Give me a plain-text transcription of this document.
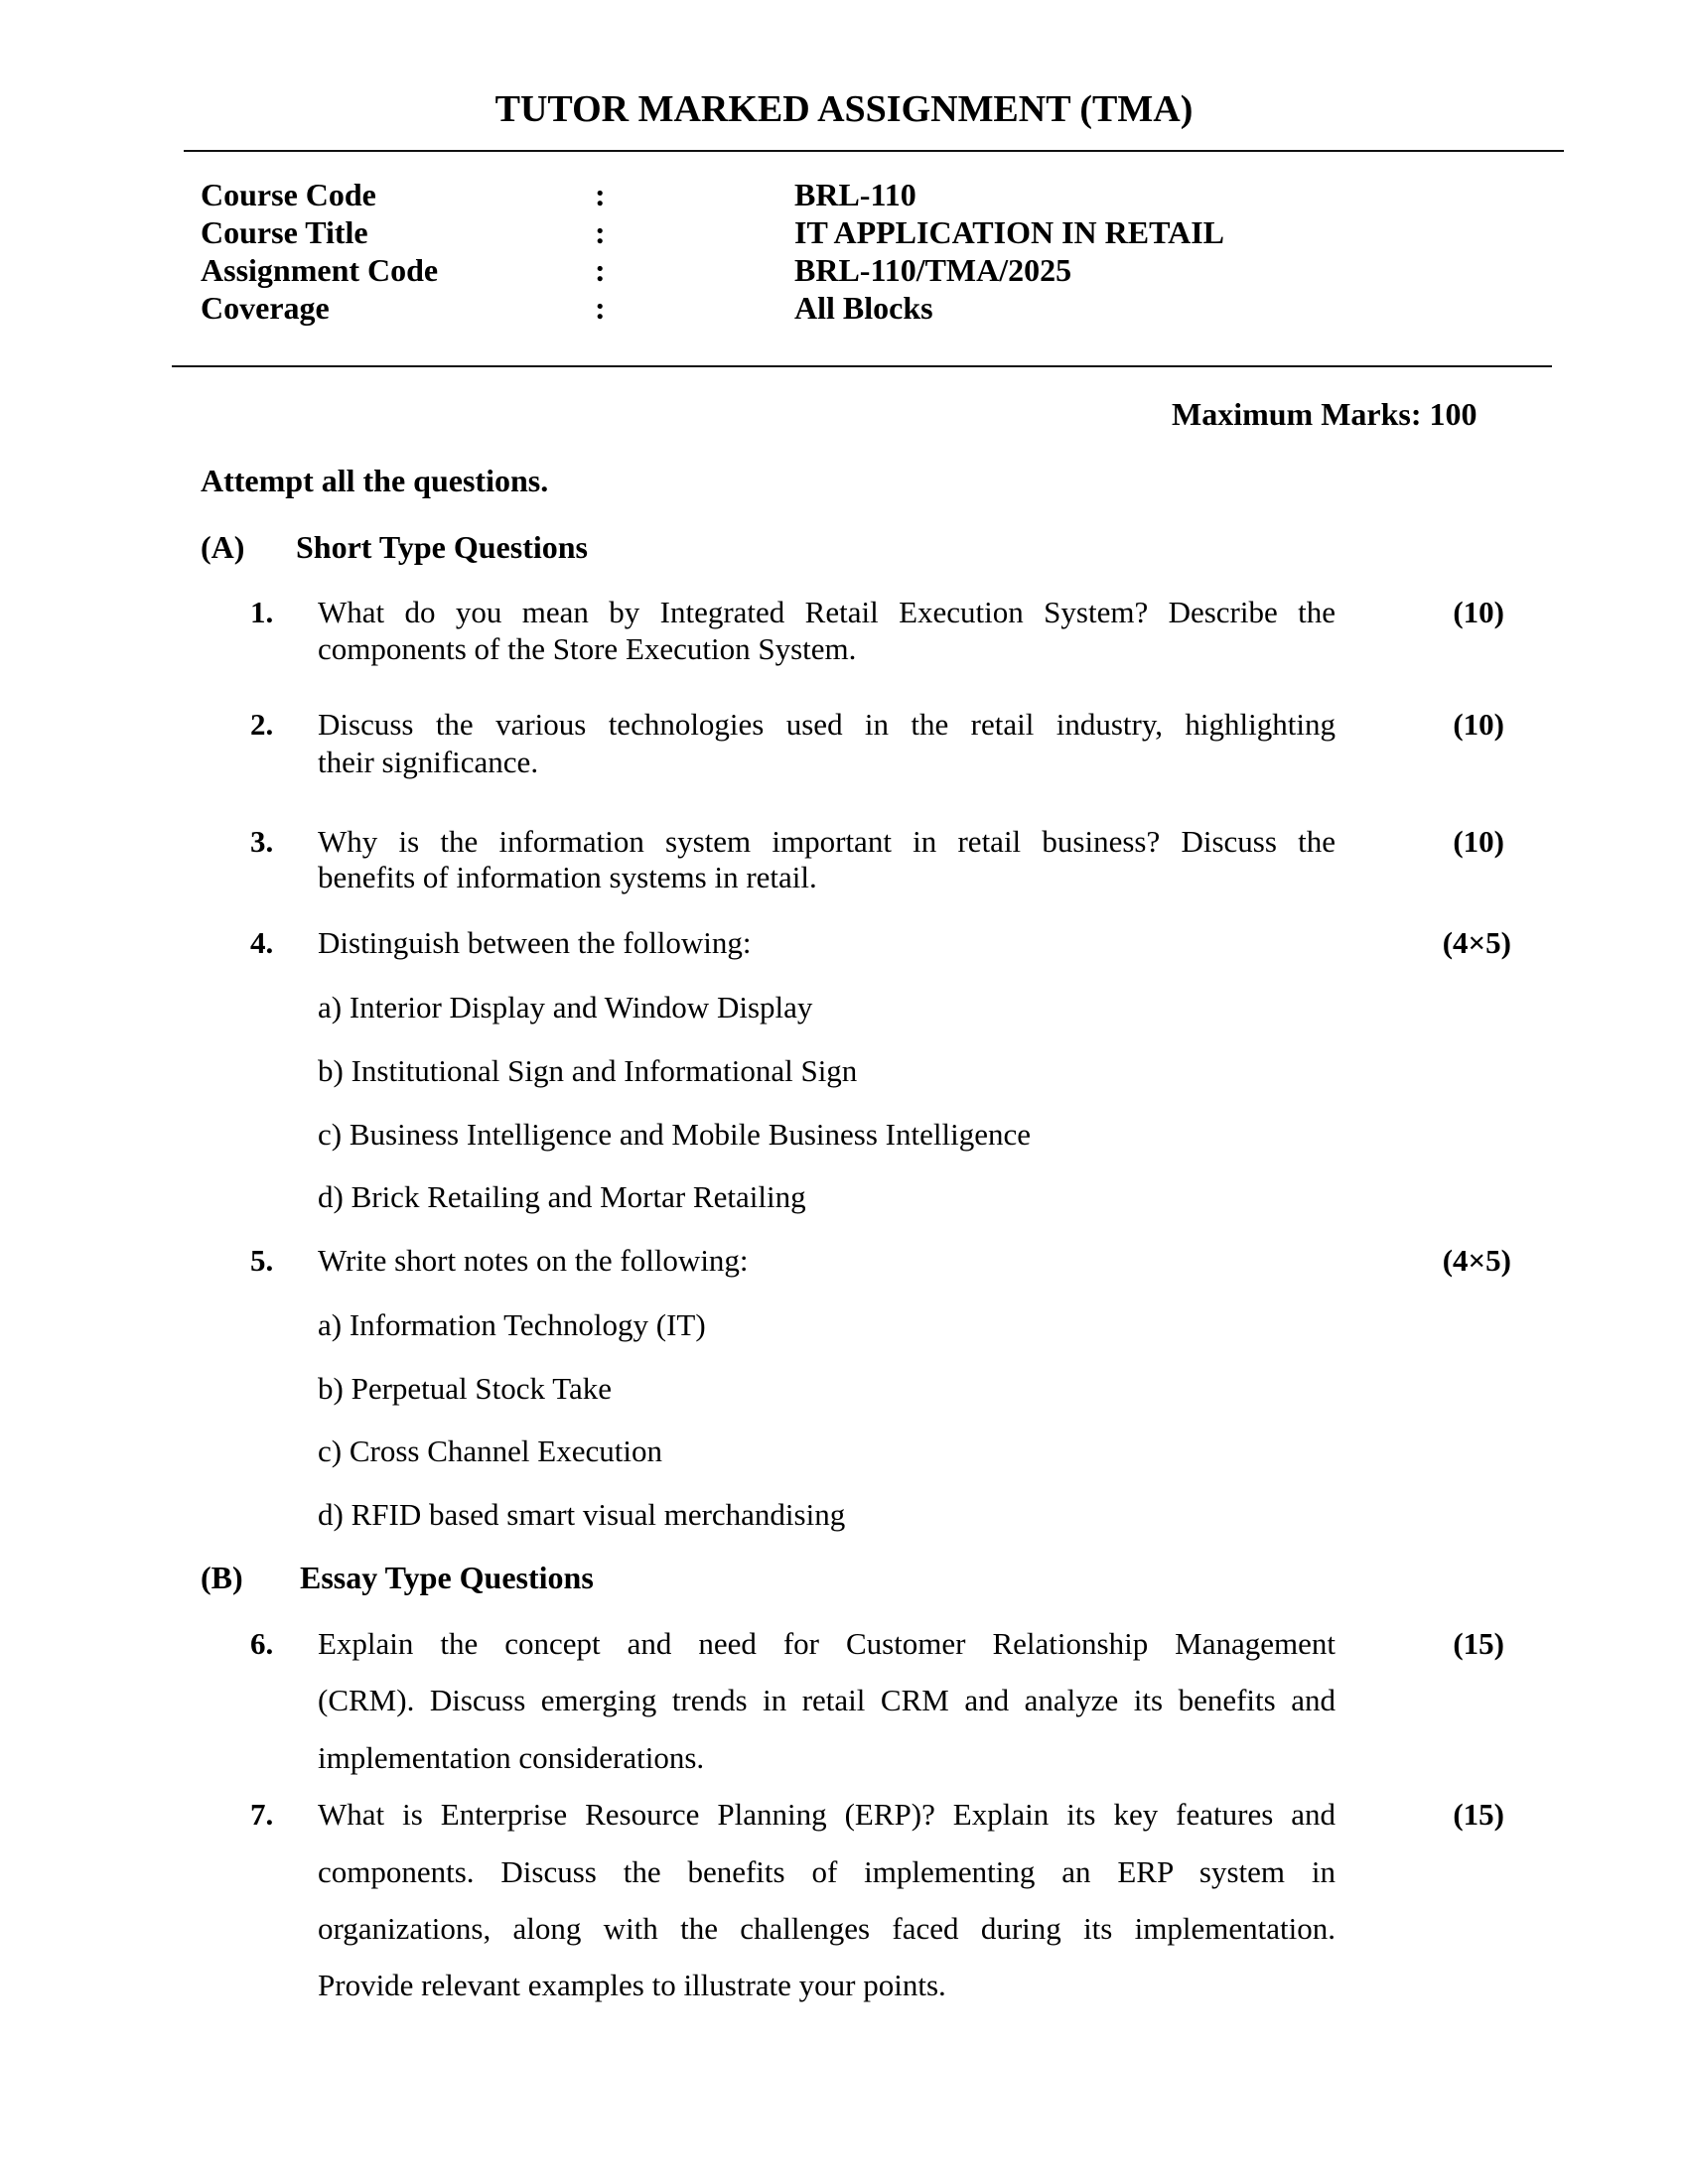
TUTOR MARKED ASSIGNMENT (TMA)
Course Code	:	BRL-110
Course Title	:	IT APPLICATION IN RETAIL
Assignment Code	:	BRL-110/TMA/2025
Coverage	:	All Blocks
Maximum Marks: 100
Attempt all the questions.
(A) Short Type Questions
1. What do you mean by Integrated Retail Execution System? Describe the
components of the Store Execution System.
(10)
2. Discuss the various technologies used in the retail industry, highlighting
their significance.
(10)
3. Why is the information system important in retail business? Discuss the
benefits of information systems in retail.
(10)
4. Distinguish between the following:	(4×5)
a) Interior Display and Window Display
b) Institutional Sign and Informational Sign
c) Business Intelligence and Mobile Business Intelligence
d) Brick Retailing and Mortar Retailing
5. Write short notes on the following:	(4×5)
a) Information Technology (IT)
b) Perpetual Stock Take
c) Cross Channel Execution
d) RFID based smart visual merchandising
(B) Essay Type Questions
6. Explain the concept and need for Customer Relationship Management
(CRM). Discuss emerging trends in retail CRM and analyze its benefits and
implementation considerations.
(15)
7. What is Enterprise Resource Planning (ERP)? Explain its key features and
components. Discuss the benefits of implementing an ERP system in
organizations, along with the challenges faced during its implementation.
Provide relevant examples to illustrate your points.
(15)
